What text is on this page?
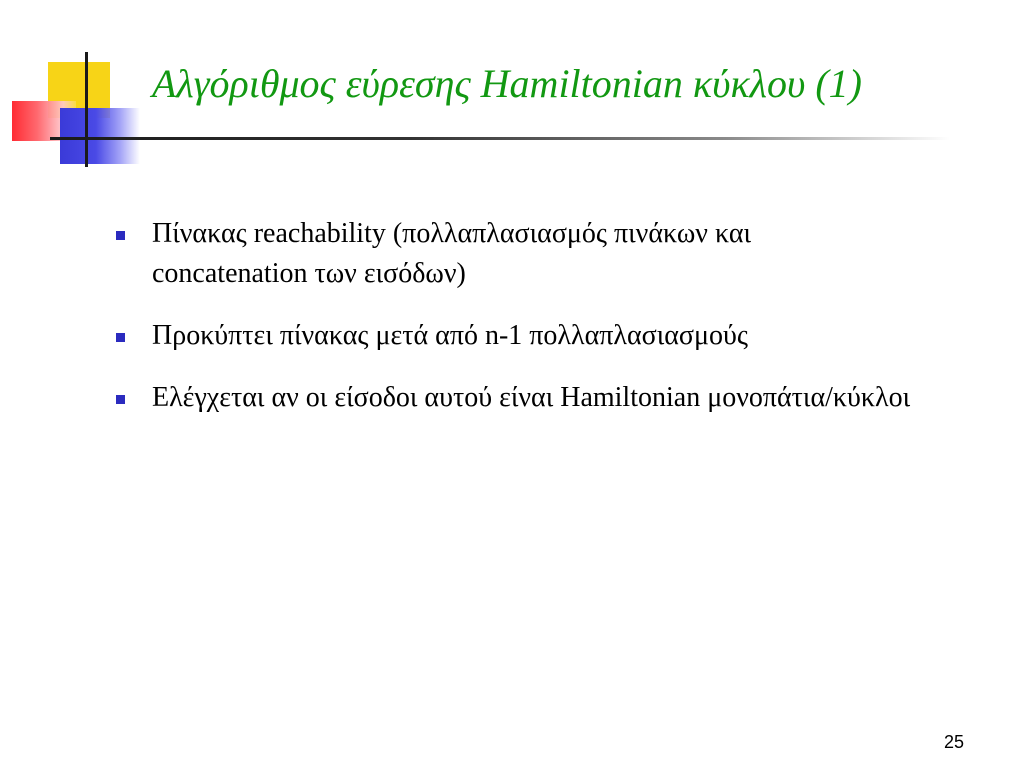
Αλγόριθμος εύρεσης Hamiltonian κύκλου (1)
Πίνακας reachability (πολλαπλασιασμός πινάκων και concatenation των εισόδων)
Προκύπτει πίνακας μετά από n-1 πολλαπλασιασμούς
Ελέγχεται αν οι είσοδοι αυτού είναι Hamiltonian μονοπάτια/κύκλοι
25
